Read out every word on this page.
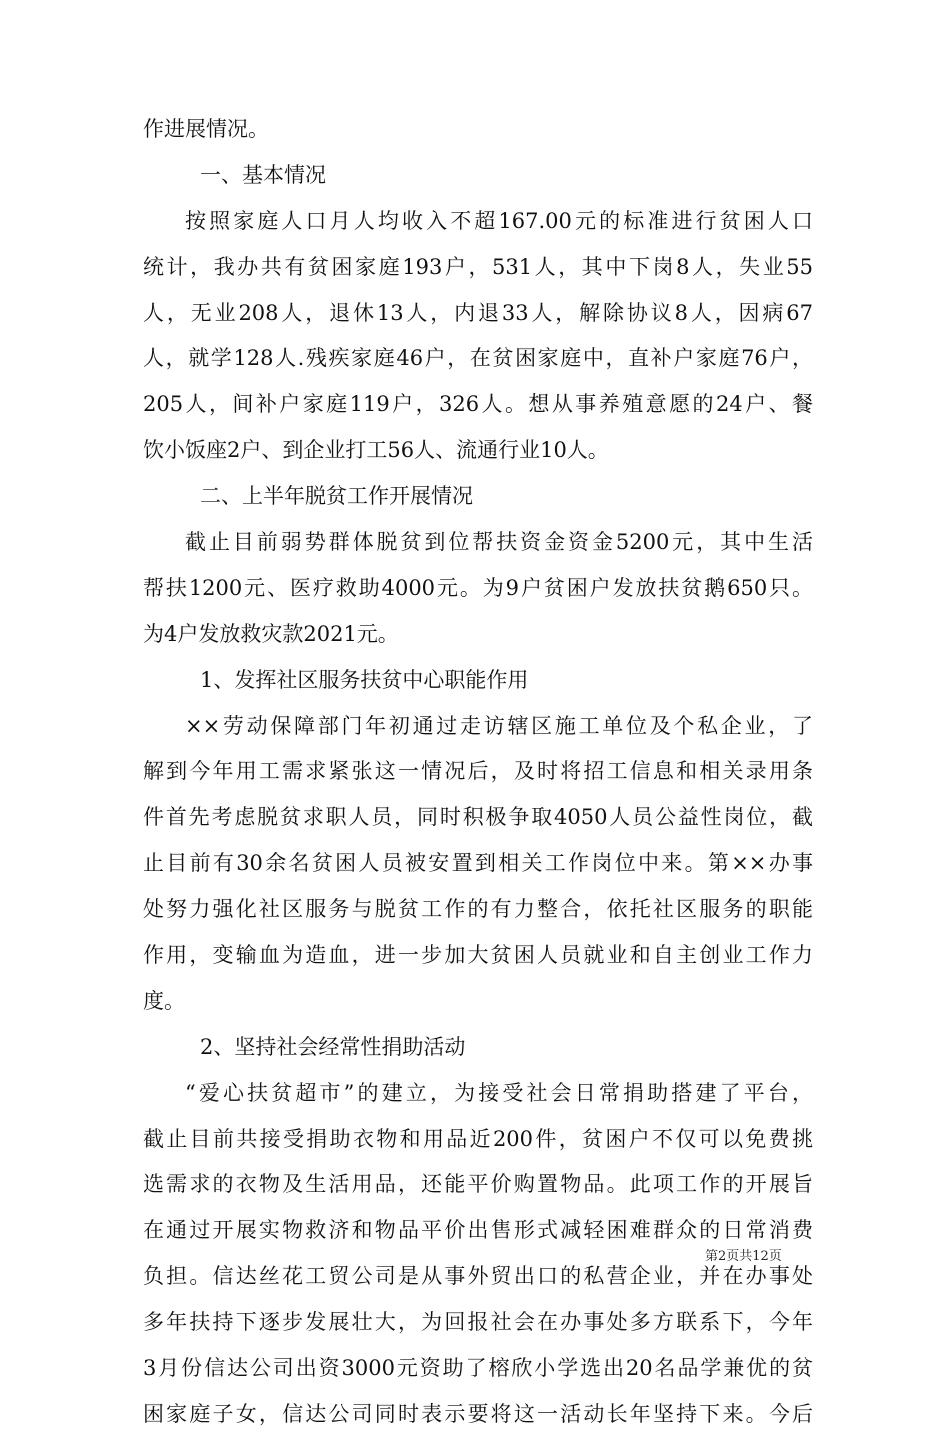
作进展情况。

一、基本情况

按照家庭人口月人均收入不超167.00元的标准进行贫困人口

统计，我办共有贫困家庭193户，531人，其中下岗8人，失业55

人，无业208人，退休13人，内退33人，解除协议8人，因病67

人，就学128人.残疾家庭46户，在贫困家庭中，直补户家庭76户，

205人，间补户家庭119户，326人。想从事养殖意愿的24户、餐

饮小饭座2户、到企业打工56人、流通行业10人。

二、上半年脱贫工作开展情况

截止目前弱势群体脱贫到位帮扶资金资金5200元，其中生活

帮扶1200元、医疗救助4000元。为9户贫困户发放扶贫鹅650只。

为4户发放救灾款2021元。

1、发挥社区服务扶贫中心职能作用

××劳动保障部门年初通过走访辖区施工单位及个私企业，了

解到今年用工需求紧张这一情况后，及时将招工信息和相关录用条

件首先考虑脱贫求职人员，同时积极争取4050人员公益性岗位，截

止目前有30余名贫困人员被安置到相关工作岗位中来。第××办事

处努力强化社区服务与脱贫工作的有力整合，依托社区服务的职能

作用，变输血为造血，进一步加大贫困人员就业和自主创业工作力

度。

2、坚持社会经常性捐助活动

“爱心扶贫超市”的建立，为接受社会日常捐助搭建了平台，

截止目前共接受捐助衣物和用品近200件，贫困户不仅可以免费挑

选需求的衣物及生活用品，还能平价购置物品。此项工作的开展旨

在通过开展实物救济和物品平价出售形式减轻困难群众的日常消费

负担。信达丝花工贸公司是从事外贸出口的私营企业，并在办事处

多年扶持下逐步发展壮大，为回报社会在办事处多方联系下，今年

3月份信达公司出资3000元资助了榕欣小学选出20名品学兼优的贫

困家庭子女，信达公司同时表示要将这一活动长年坚持下来。今后

第2页共12页
